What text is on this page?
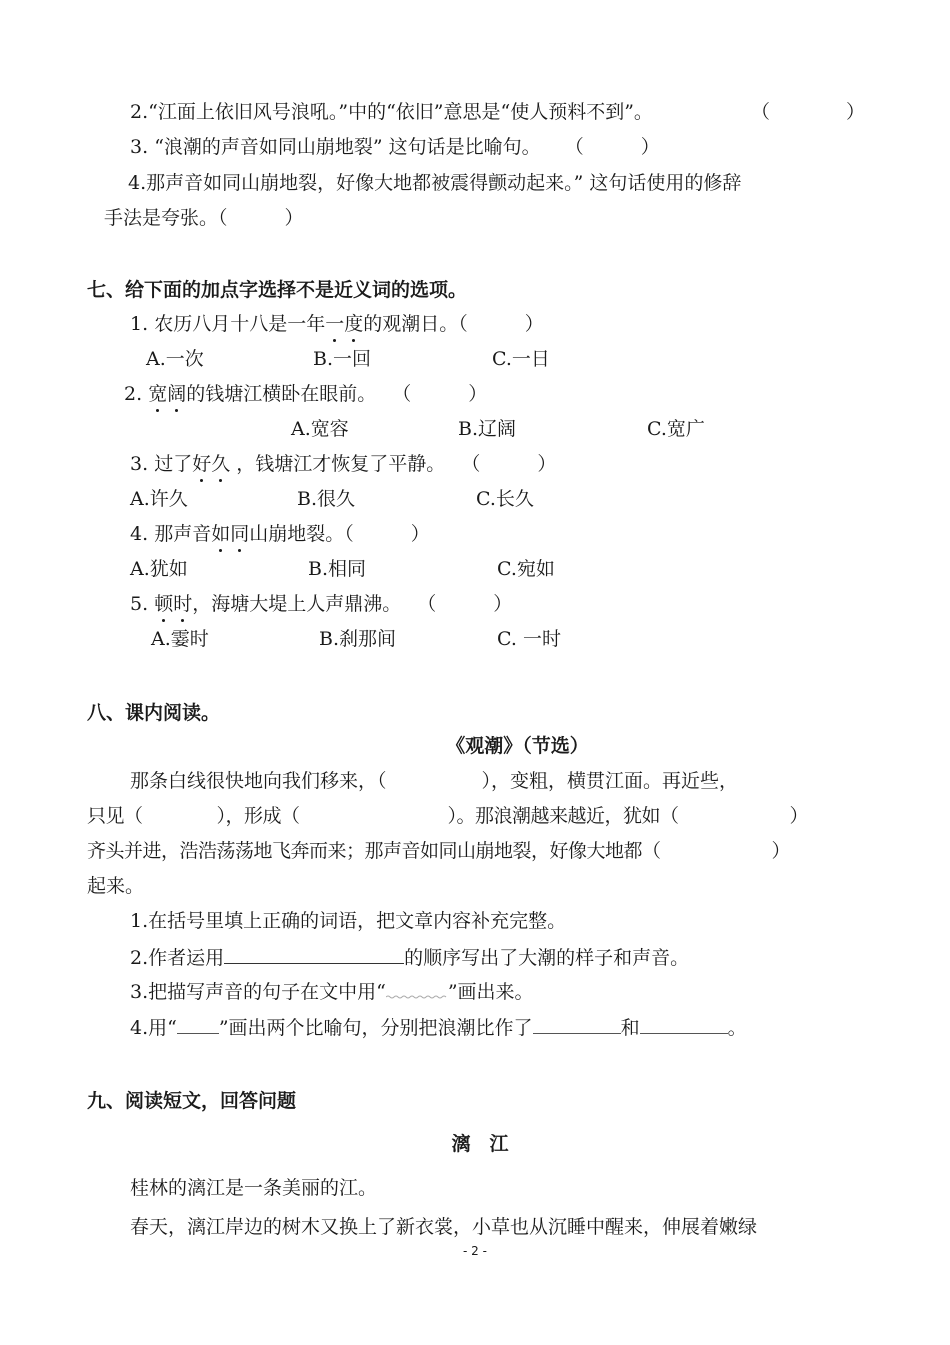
2.“江面上依旧风号浪吼。”中的“依旧”意思是“使人预料不到”。	（　　　　）
3. “浪潮的声音如同山崩地裂” 这句话是比喻句。 （　　　）
4.那声音如同山崩地裂，好像大地都被震得颤动起来。” 这句话使用的修辞
手法是夸张。（　　　）
七、给下面的加点字选择不是近义词的选项。
1. 农历八月十八是一年一度的观潮日。（　　　）
A.一次	B.一回	C.一日
2. 宽阔的钱塘江横卧在眼前。 （　　　）
A.宽容	B.辽阔	C.宽广
3. 过了好久 ，钱塘江才恢复了平静。 （　　　）
A.许久	B.很久	C.长久
4. 那声音如同山崩地裂。（　　　）
A.犹如	B.相同	C.宛如
5. 顿时，海塘大堤上人声鼎沸。 （　　　）
A.霎时	B.刹那间	C. 一时
八、课内阅读。
《观潮》（节选）
那条白线很快地向我们移来，（　　　　　），变粗，横贯江面。再近些，
只见（　　　　），形成（　　　　　　　　）。那浪潮越来越近，犹如（　　　　　　）
齐头并进，浩浩荡荡地飞奔而来；那声音如同山崩地裂，好像大地都（　　　　　　）
起来。
1.在括号里填上正确的词语，把文章内容补充完整。
2.作者运用	的顺序写出了大潮的样子和声音。
3.把描写声音的句子在文中用“	”画出来。
4.用“ ”画出两个比喻句，分别把浪潮比作了	和	。
九、阅读短文，回答问题
漓　江
桂林的漓江是一条美丽的江。
春天，漓江岸边的树木又换上了新衣裳，小草也从沉睡中醒来，伸展着嫩绿
- 2 -
